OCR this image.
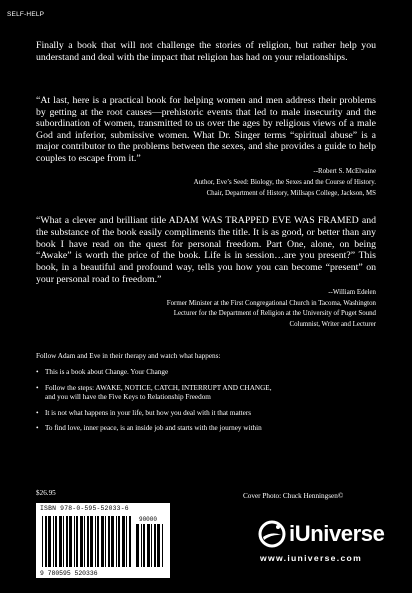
SELF-HELP
Finally a book that will not challenge the stories of religion, but rather help you understand and deal with the impact that religion has had on your relationships.
“At last, here is a practical book for helping women and men address their problems by getting at the root causes—prehistoric events that led to male insecurity and the subordination of women, transmitted to us over the ages by religious views of a male God and inferior, submissive women. What Dr. Singer terms “spiritual abuse” is a major contributor to the problems between the sexes, and she provides a guide to help couples to escape from it.”
--Robert S. McElvaine
Author, Eve’s Seed: Biology, the Sexes and the Course of History.
Chair, Department of History, Millsaps College, Jackson, MS
“What a clever and brilliant title ADAM WAS TRAPPED EVE WAS FRAMED and the substance of the book easily compliments the title. It is as good, or better than any book I have read on the quest for personal freedom. Part One, alone, on being “Awake” is worth the price of the book. Life is in session…are you present?” This book, in a beautiful and profound way, tells you how you can become “present” on your personal road to freedom.”
--William Edelen
Former Minister at the First Congregational Church in Tacoma, Washington
Lecturer for the Department of Religion at the University of Puget Sound
Columnist, Writer and Lecturer
Follow Adam and Eve in their therapy and watch what happens:
• This is a book about Change. Your Change
• Follow the steps: AWAKE, NOTICE, CATCH, INTERRUPT AND CHANGE,
and you will have the Five Keys to Relationship Freedom
• It is not what happens in your life, but how you deal with it that matters
• To find love, inner peace, is an inside job and starts with the journey within
$26.95	Cover Photo: Chuck Henningsen©
ISBN 978-0-595-52033-6
90000
9 780595 520336
iUniverse
www.iuniverse.com
